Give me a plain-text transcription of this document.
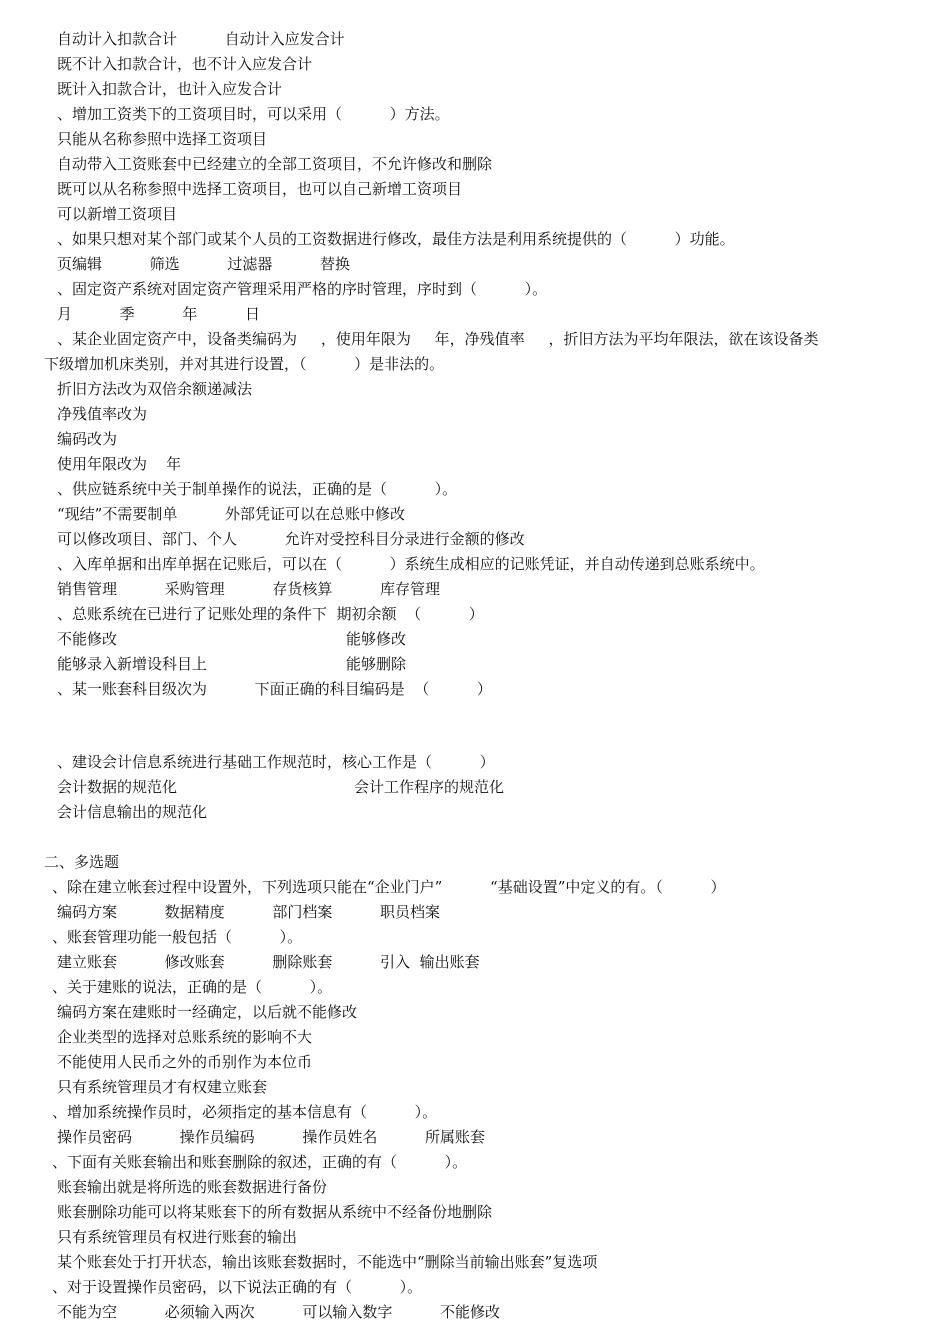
自动计入扣款合计          自动计入应发合计
既不计入扣款合计，也不计入应发合计
既计入扣款合计，也计入应发合计
、增加工资类下的工资项目时，可以采用（          ）方法。
只能从名称参照中选择工资项目
自动带入工资账套中已经建立的全部工资项目，不允许修改和删除
既可以从名称参照中选择工资项目，也可以自己新增工资项目
可以新增工资项目
、如果只想对某个部门或某个人员的工资数据进行修改，最佳方法是利用系统提供的（          ）功能。
页编辑          筛选          过滤器          替换
、固定资产系统对固定资产管理采用严格的序时管理，序时到（          ）。
月          季          年          日
、某企业固定资产中，设备类编码为     ，使用年限为     年，净残值率     ，折旧方法为平均年限法，欲在该设备类
下级增加机床类别，并对其进行设置，（          ）是非法的。
折旧方法改为双倍余额递减法
净残值率改为
编码改为
使用年限改为    年
、供应链系统中关于制单操作的说法，正确的是（          ）。
“现结”不需要制单          外部凭证可以在总账中修改
可以修改项目、部门、个人          允许对受控科目分录进行金额的修改
、入库单据和出库单据在记账后，可以在（          ）系统生成相应的记账凭证，并自动传递到总账系统中。
销售管理          采购管理          存货核算          库存管理
、总账系统在已进行了记账处理的条件下  期初余额  （          ）
不能修改	能够修改
能够录入新增设科目上	能够删除
、某一账套科目级次为          下面正确的科目编码是  （          ）
、建设会计信息系统进行基础工作规范时，核心工作是（          ）
会计数据的规范化	会计工作程序的规范化
会计信息输出的规范化
二、多选题
、除在建立帐套过程中设置外，下列选项只能在“企业门户”          “基础设置”中定义的有。（          ）
编码方案          数据精度          部门档案          职员档案
、账套管理功能一般包括（          ）。
建立账套          修改账套          删除账套          引入  输出账套
、关于建账的说法，正确的是（          ）。
编码方案在建账时一经确定，以后就不能修改
企业类型的选择对总账系统的影响不大
不能使用人民币之外的币别作为本位币
只有系统管理员才有权建立账套
、增加系统操作员时，必须指定的基本信息有（          ）。
操作员密码          操作员编码          操作员姓名          所属账套
、下面有关账套输出和账套删除的叙述，正确的有（          ）。
账套输出就是将所选的账套数据进行备份
账套删除功能可以将某账套下的所有数据从系统中不经备份地删除
只有系统管理员有权进行账套的输出
某个账套处于打开状态，输出该账套数据时，不能选中“删除当前输出账套”复选项
、对于设置操作员密码，以下说法正确的有（          ）。
不能为空          必须输入两次          可以输入数字          不能修改
